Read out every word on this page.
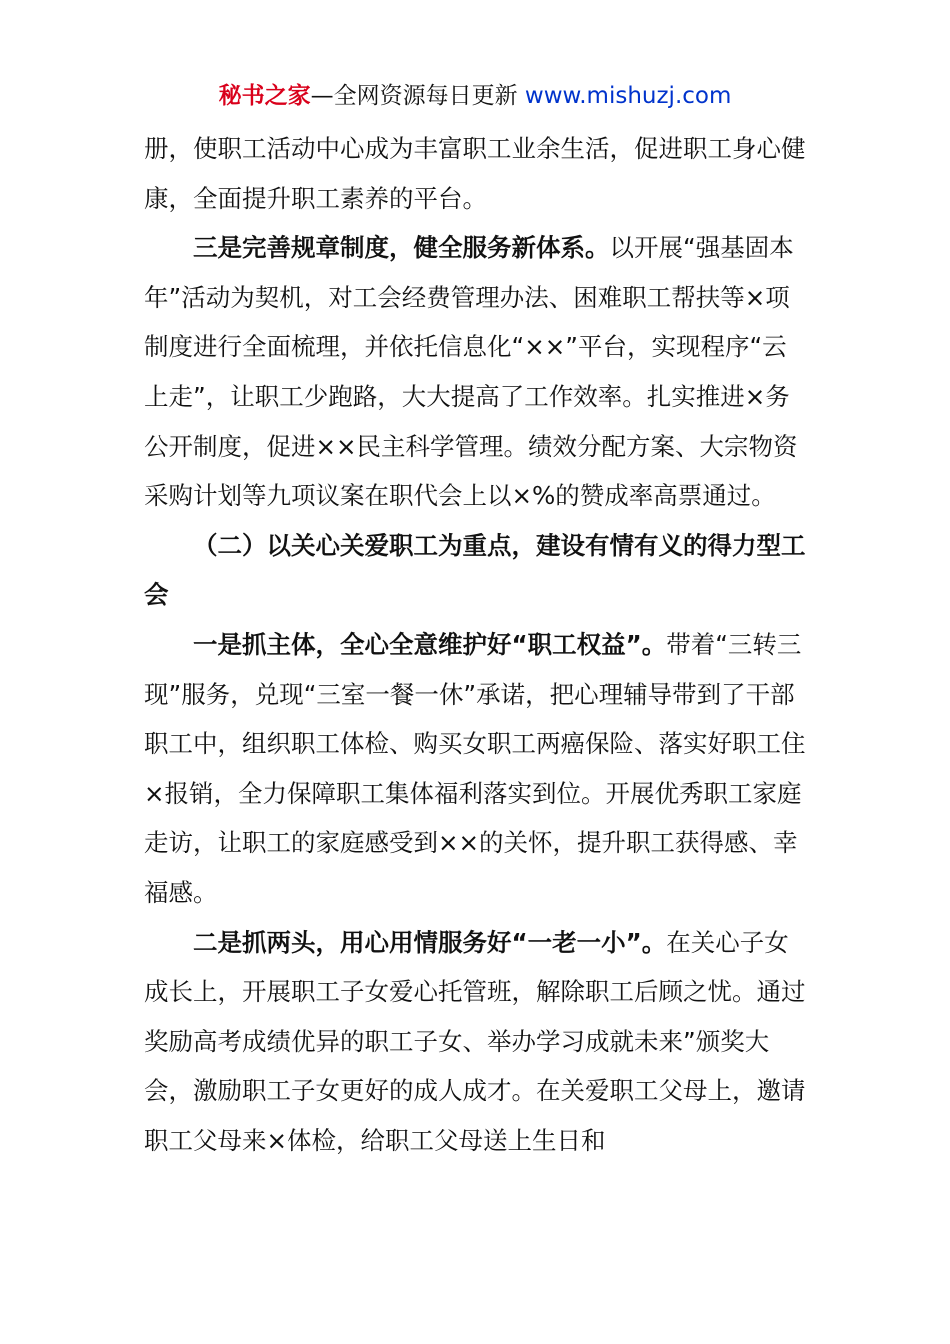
秘书之家—全网资源每日更新 www.mishuzj.com

册，使职工活动中心成为丰富职工业余生活，促进职工身心健康，全面提升职工素养的平台。

三是完善规章制度，健全服务新体系。以开展“强基固本年”活动为契机，对工会经费管理办法、困难职工帮扶等×项制度进行全面梳理，并依托信息化“××”平台，实现程序“云上走”，让职工少跑路，大大提高了工作效率。扎实推进×务公开制度，促进××民主科学管理。绩效分配方案、大宗物资采购计划等九项议案在职代会上以×%的赞成率高票通过。

（二）以关心关爱职工为重点，建设有情有义的得力型工会

一是抓主体，全心全意维护好“职工权益”。带着“三转三现”服务，兑现“三室一餐一休”承诺，把心理辅导带到了干部职工中，组织职工体检、购买女职工两癌保险、落实好职工住×报销，全力保障职工集体福利落实到位。开展优秀职工家庭走访，让职工的家庭感受到××的关怀，提升职工获得感、幸福感。

二是抓两头，用心用情服务好“一老一小”。在关心子女成长上，开展职工子女爱心托管班，解除职工后顾之忧。通过奖励高考成绩优异的职工子女、举办学习成就未来”颁奖大会，激励职工子女更好的成人成才。在关爱职工父母上，邀请职工父母来×体检，给职工父母送上生日和
